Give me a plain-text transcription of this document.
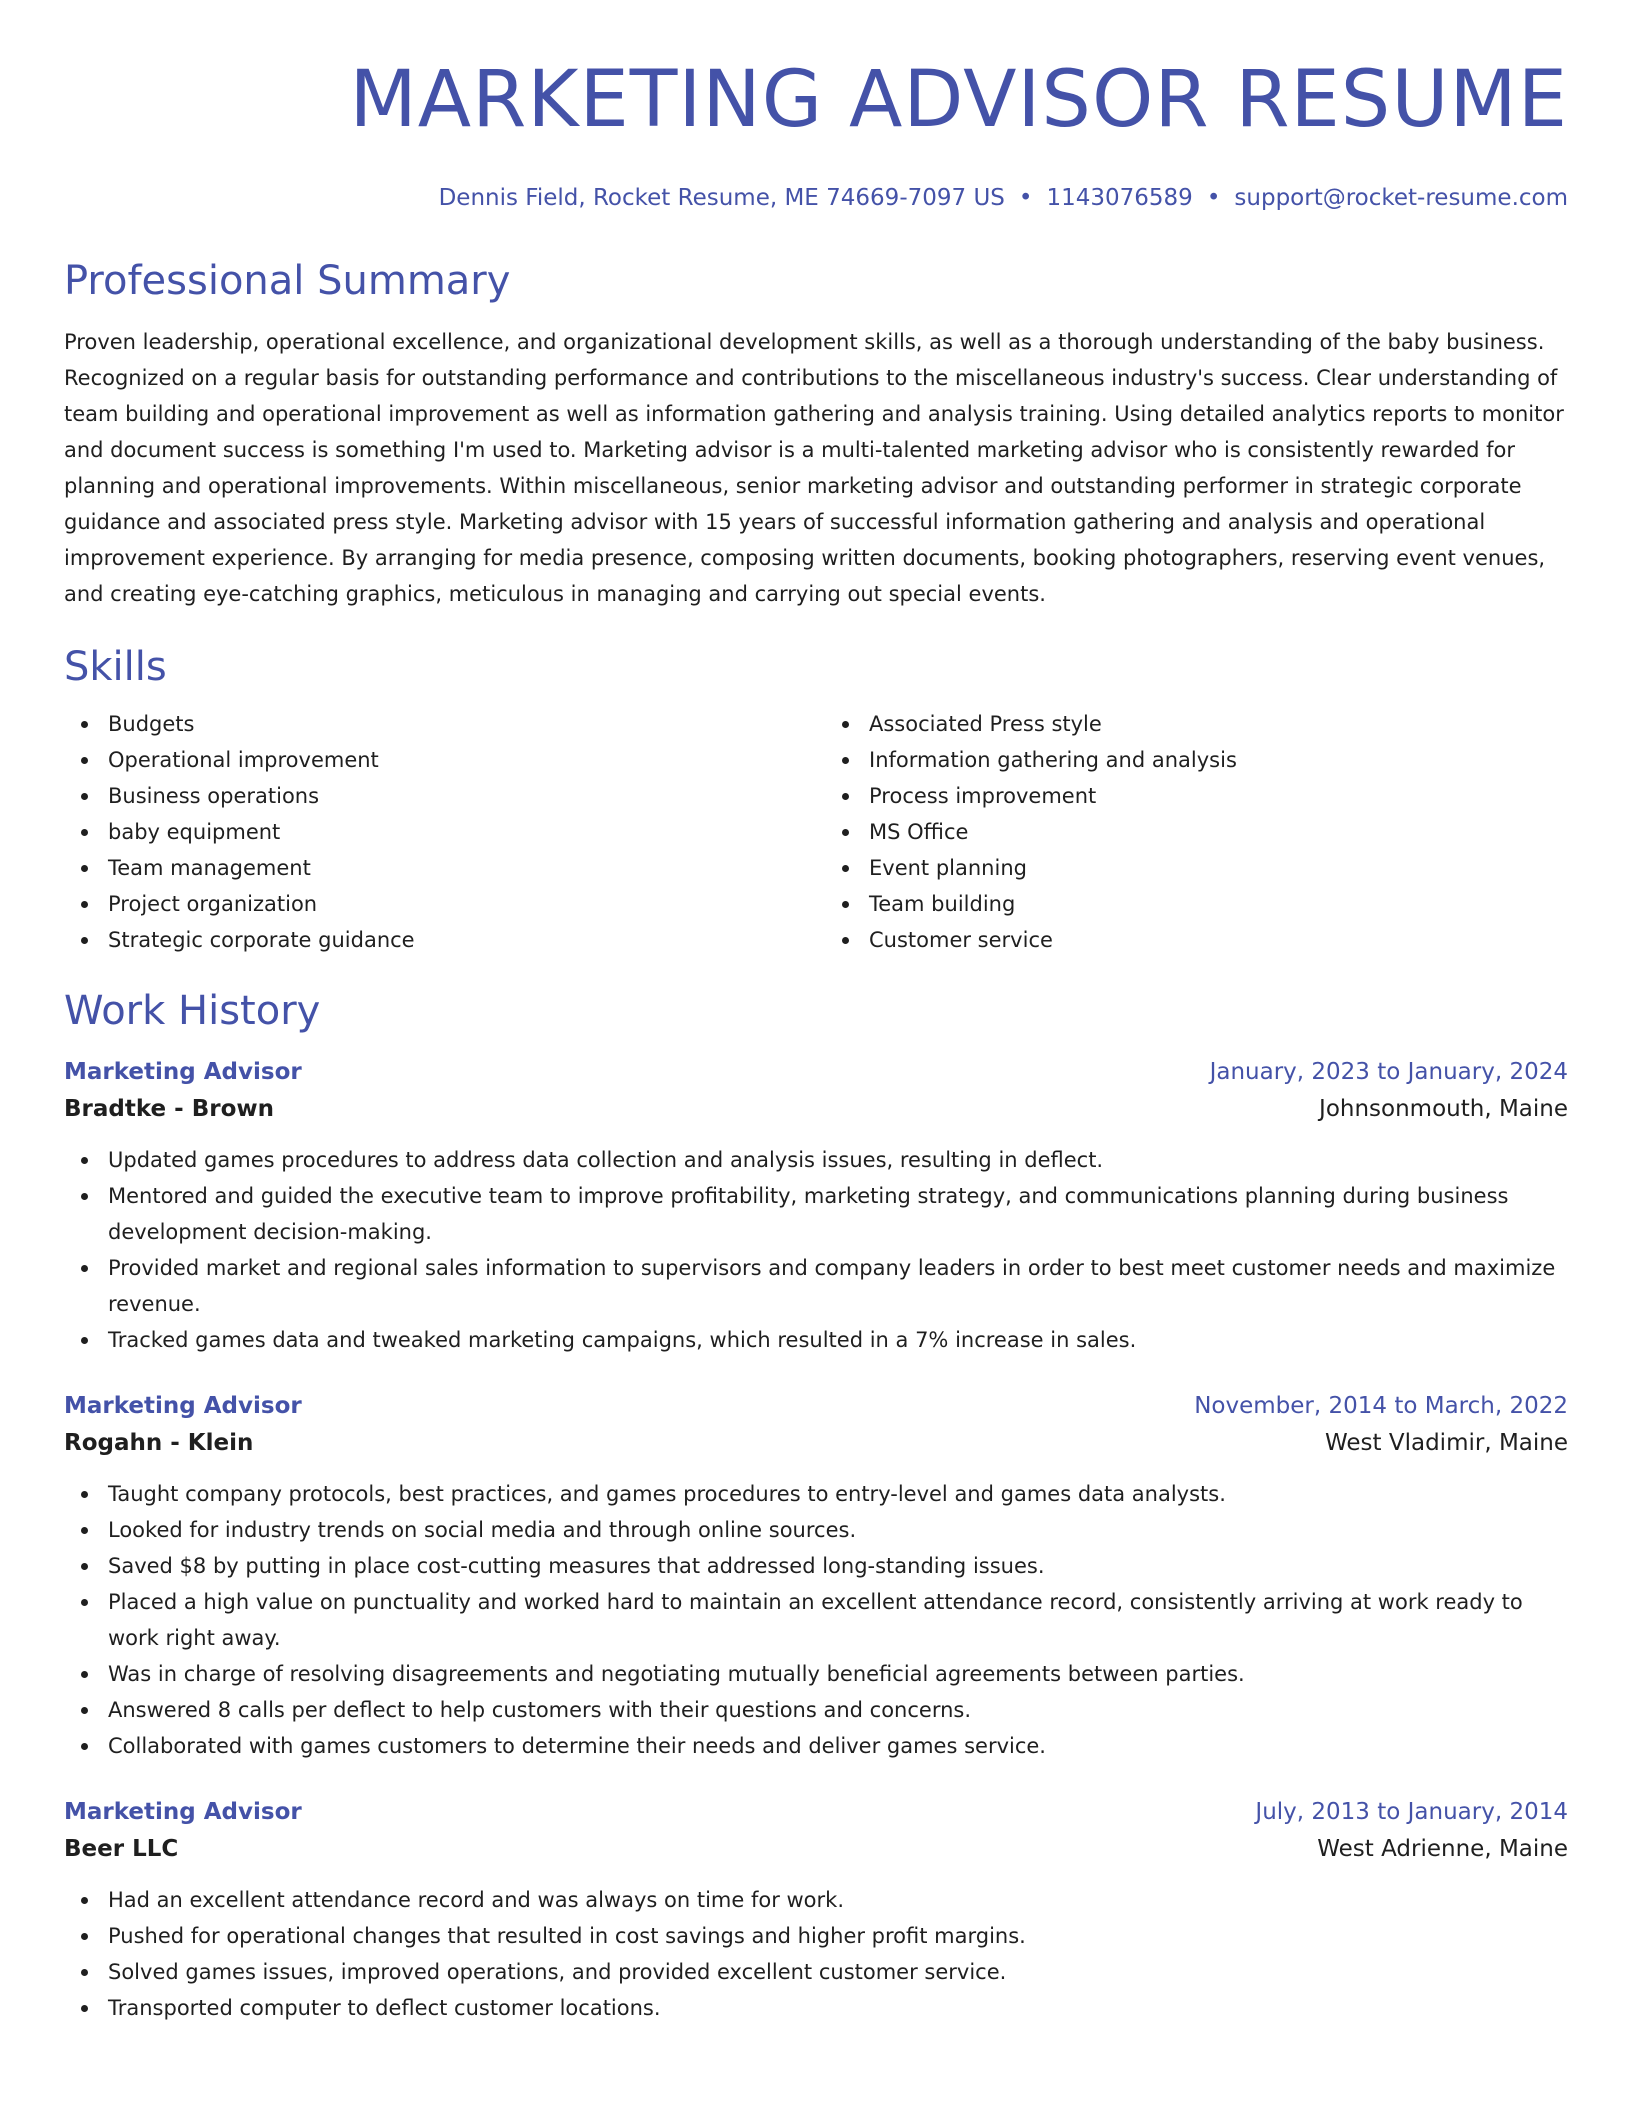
MARKETING ADVISOR RESUME
Dennis Field, Rocket Resume, ME 74669-7097 US • 1143076589 • support@rocket-resume.com
Professional Summary

Proven leadership, operational excellence, and organizational development skills, as well as a thorough understanding of the baby business. Recognized on a regular basis for outstanding performance and contributions to the miscellaneous industry's success. Clear understanding of team building and operational improvement as well as information gathering and analysis training. Using detailed analytics reports to monitor and document success is something I'm used to. Marketing advisor is a multi-talented marketing advisor who is consistently rewarded for planning and operational improvements. Within miscellaneous, senior marketing advisor and outstanding performer in strategic corporate guidance and associated press style. Marketing advisor with 15 years of successful information gathering and analysis and operational improvement experience. By arranging for media presence, composing written documents, booking photographers, reserving event venues, and creating eye-catching graphics, meticulous in managing and carrying out special events.

Skills
Budgets
Operational improvement
Business operations
baby equipment
Team management
Project organization
Strategic corporate guidance
Associated Press style
Information gathering and analysis
Process improvement
MS Office
Event planning
Team building
Customer service
Work History
Marketing Advisor	January, 2023 to January, 2024
Bradtke - Brown	Johnsonmouth, Maine
Updated games procedures to address data collection and analysis issues, resulting in deflect.
Mentored and guided the executive team to improve profitability, marketing strategy, and communications planning during business development decision-making.
Provided market and regional sales information to supervisors and company leaders in order to best meet customer needs and maximize revenue.
Tracked games data and tweaked marketing campaigns, which resulted in a 7% increase in sales.
Marketing Advisor	November, 2014 to March, 2022
Rogahn - Klein	West Vladimir, Maine
Taught company protocols, best practices, and games procedures to entry-level and games data analysts.
Looked for industry trends on social media and through online sources.
Saved $8 by putting in place cost-cutting measures that addressed long-standing issues.
Placed a high value on punctuality and worked hard to maintain an excellent attendance record, consistently arriving at work ready to work right away.
Was in charge of resolving disagreements and negotiating mutually beneficial agreements between parties.
Answered 8 calls per deflect to help customers with their questions and concerns.
Collaborated with games customers to determine their needs and deliver games service.
Marketing Advisor	July, 2013 to January, 2014
Beer LLC	West Adrienne, Maine
Had an excellent attendance record and was always on time for work.
Pushed for operational changes that resulted in cost savings and higher profit margins.
Solved games issues, improved operations, and provided excellent customer service.
Transported computer to deflect customer locations.
